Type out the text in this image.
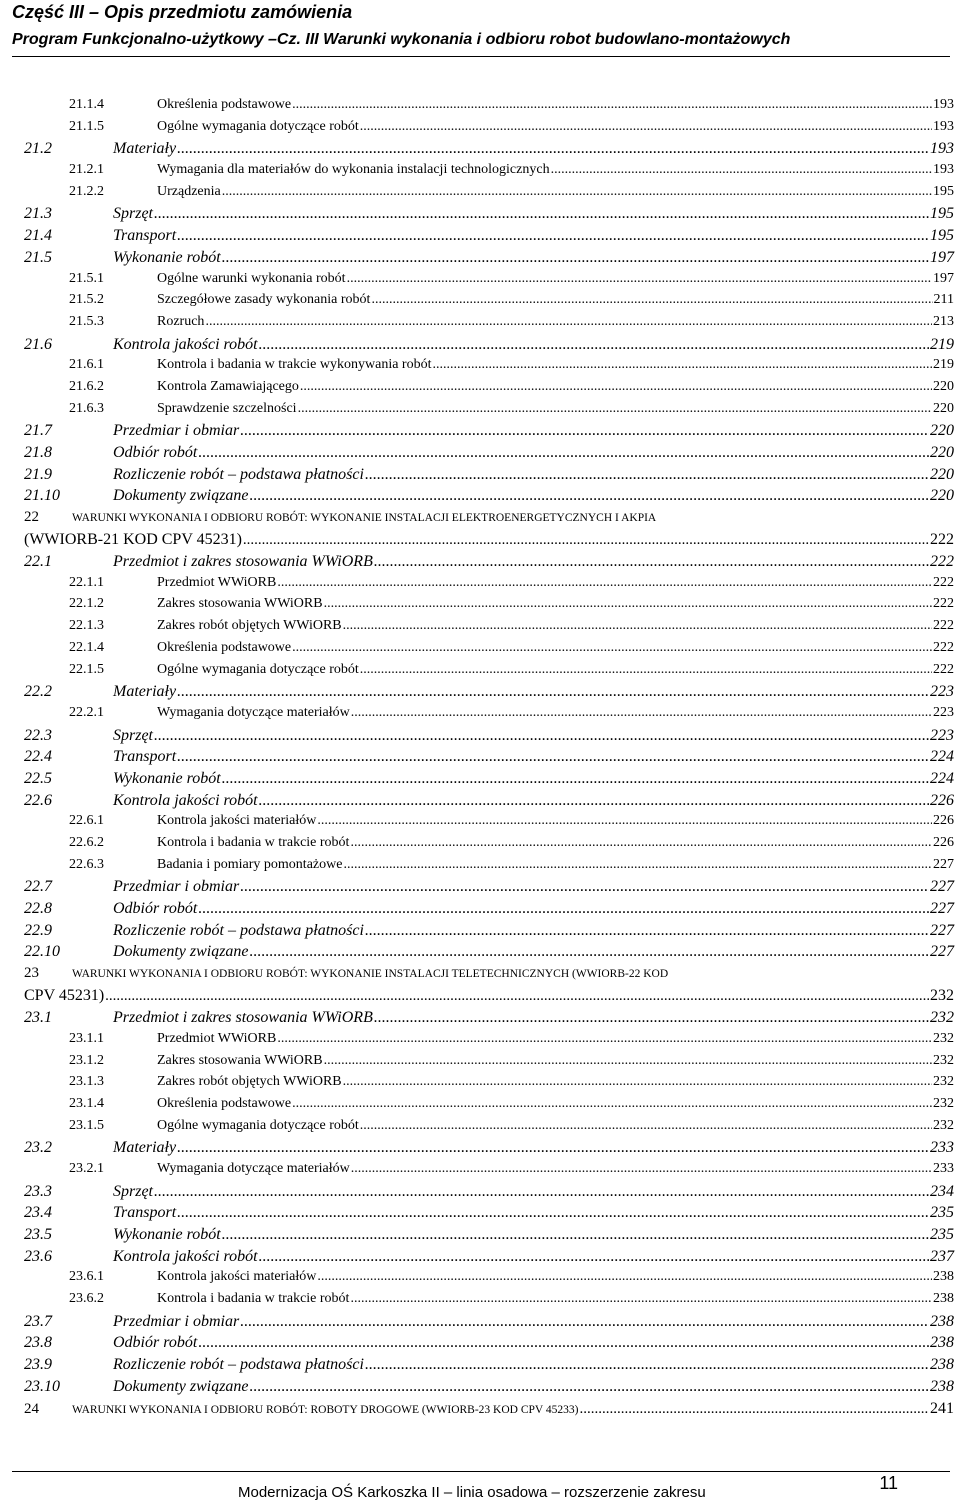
Część III – Opis przedmiotu zamówienia
Program Funkcjonalno-użytkowy –Cz. III Warunki wykonania i odbioru robot budowlano-montażowych
21.1.4	Określenia podstawowe .....	193
21.1.5	Ogólne wymagania dotyczące robót .....	193
21.2	Materiały .....	193
21.2.1	Wymagania dla materiałów do wykonania instalacji technologicznych .....	193
21.2.2	Urządzenia .....	195
21.3	Sprzęt .....	195
21.4	Transport .....	195
21.5	Wykonanie robót .....	197
21.5.1	Ogólne warunki wykonania robót .....	197
21.5.2	Szczegółowe zasady wykonania robót .....	211
21.5.3	Rozruch .....	213
21.6	Kontrola jakości robót .....	219
21.6.1	Kontrola i badania w trakcie wykonywania robót .....	219
21.6.2	Kontrola Zamawiającego .....	220
21.6.3	Sprawdzenie szczelności .....	220
21.7	Przedmiar i obmiar .....	220
21.8	Odbiór robót .....	220
21.9	Rozliczenie robót – podstawa płatności .....	220
21.10	Dokumenty związane .....	220
22	WARUNKI WYKONANIA I ODBIORU ROBÓT: WYKONANIE INSTALACJI ELEKTROENERGETYCZNYCH I AKPIA
(WWIORB-21 KOD CPV 45231) .....	222
22.1	Przedmiot i zakres stosowania WWiORB .....	222
22.1.1	Przedmiot WWiORB .....	222
22.1.2	Zakres stosowania WWiORB .....	222
22.1.3	Zakres robót objętych WWiORB .....	222
22.1.4	Określenia podstawowe .....	222
22.1.5	Ogólne wymagania dotyczące robót .....	222
22.2	Materiały .....	223
22.2.1	Wymagania dotyczące materiałów .....	223
22.3	Sprzęt .....	223
22.4	Transport .....	224
22.5	Wykonanie robót .....	224
22.6	Kontrola jakości robót .....	226
22.6.1	Kontrola jakości materiałów .....	226
22.6.2	Kontrola i badania w trakcie robót .....	226
22.6.3	Badania i pomiary pomontażowe .....	227
22.7	Przedmiar i obmiar .....	227
22.8	Odbiór robót .....	227
22.9	Rozliczenie robót – podstawa płatności .....	227
22.10	Dokumenty związane .....	227
23	WARUNKI WYKONANIA I ODBIORU ROBÓT: WYKONANIE INSTALACJI TELETECHNICZNYCH (WWIORB-22 KOD
CPV 45231) .....	232
23.1	Przedmiot i zakres stosowania WWiORB .....	232
23.1.1	Przedmiot WWiORB .....	232
23.1.2	Zakres stosowania WWiORB .....	232
23.1.3	Zakres robót objętych WWiORB .....	232
23.1.4	Określenia podstawowe .....	232
23.1.5	Ogólne wymagania dotyczące robót .....	232
23.2	Materiały .....	233
23.2.1	Wymagania dotyczące materiałów .....	233
23.3	Sprzęt .....	234
23.4	Transport .....	235
23.5	Wykonanie robót .....	235
23.6	Kontrola jakości robót .....	237
23.6.1	Kontrola jakości materiałów .....	238
23.6.2	Kontrola i badania w trakcie robót .....	238
23.7	Przedmiar i obmiar .....	238
23.8	Odbiór robót .....	238
23.9	Rozliczenie robót – podstawa płatności .....	238
23.10	Dokumenty związane .....	238
24	WARUNKI WYKONANIA I ODBIORU ROBÓT: ROBOTY DROGOWE (WWIORB-23 KOD CPV 45233) .....	241
Modernizacja OŚ Karkoszka II – linia osadowa – rozszerzenie zakresu	11
